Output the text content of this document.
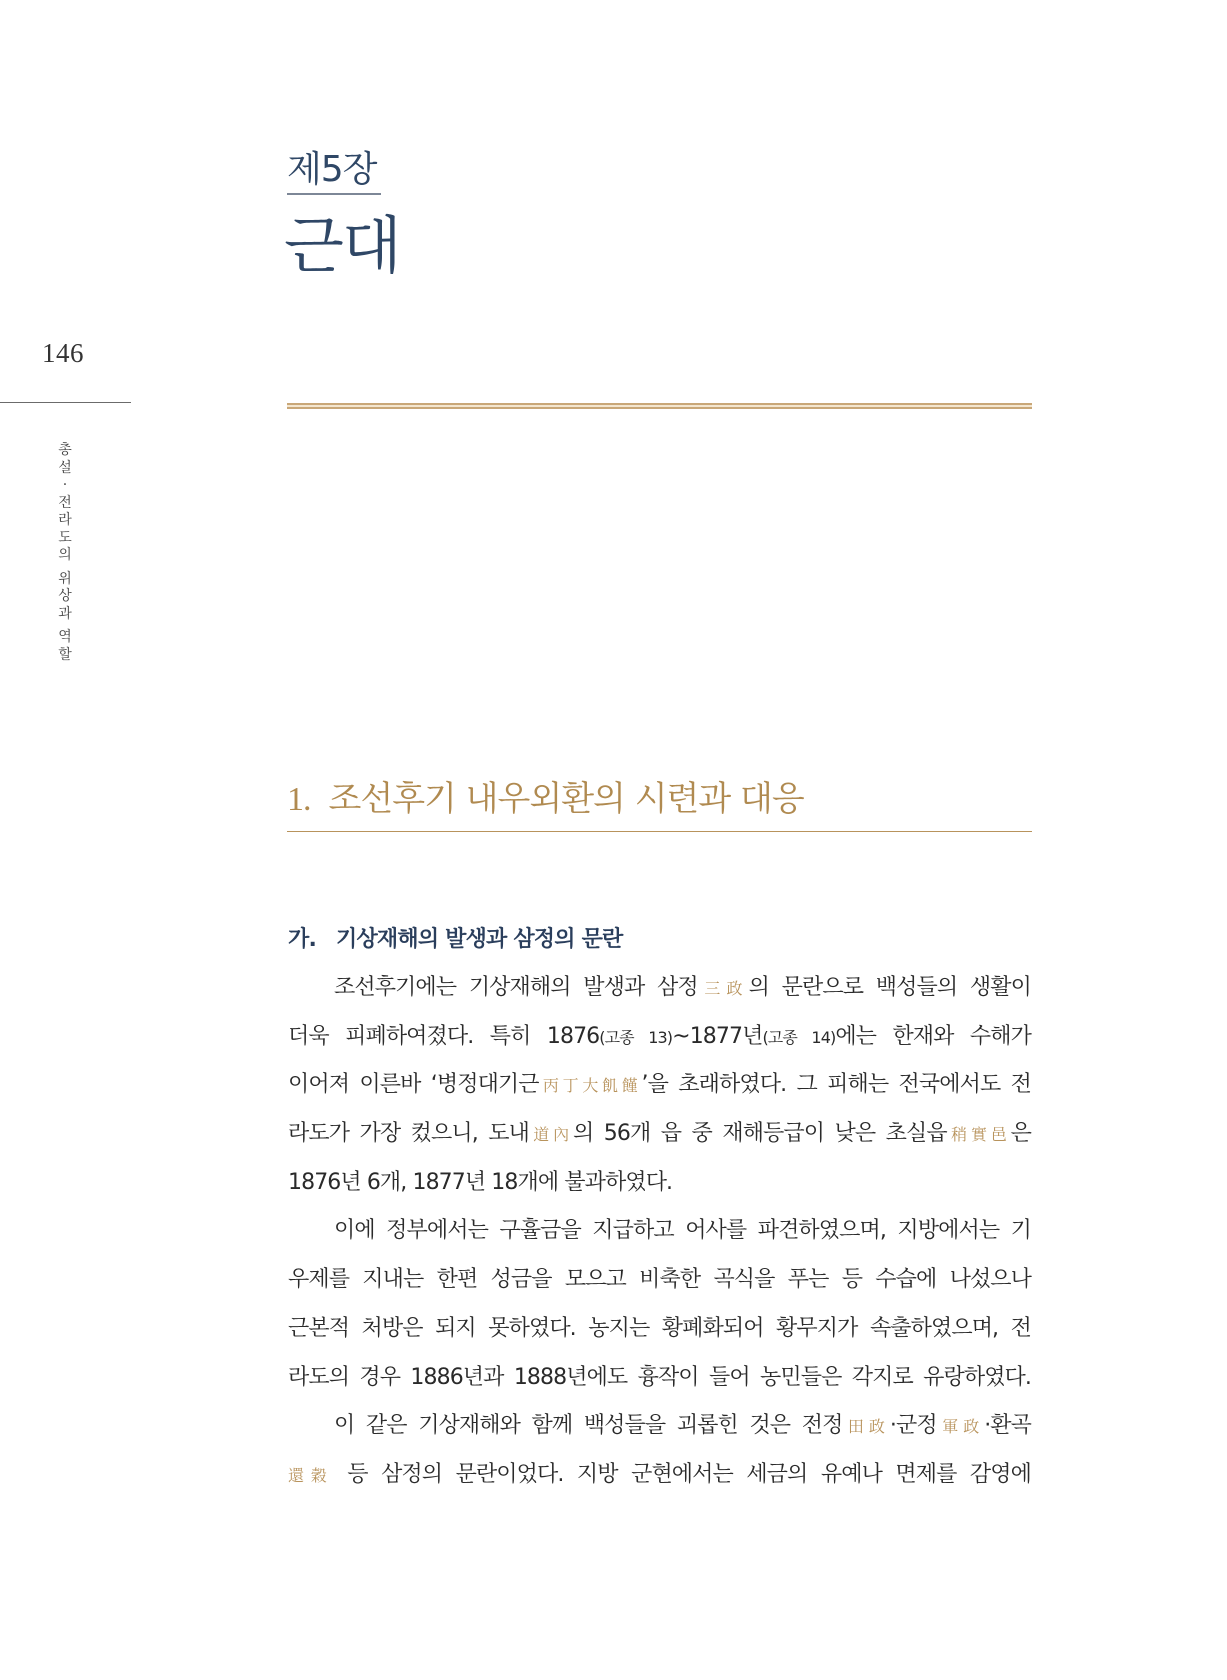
146
총
설
·
전
라
도
의
위
상
과
역
할
제5장
근대
1. 조선후기 내우외환의 시련과 대응
가. 기상재해의 발생과 삼정의 문란
조선후기에는 기상재해의 발생과 삼정三政의 문란으로 백성들의 생활이
더욱 피폐하여졌다. 특히 1876(고종 13)~1877년(고종 14)에는 한재와 수해가
이어져 이른바 ‘병정대기근丙丁大飢饉’을 초래하였다. 그 피해는 전국에서도 전
라도가 가장 컸으니, 도내道內의 56개 읍 중 재해등급이 낮은 초실읍稍實邑은
1876년 6개, 1877년 18개에 불과하였다.
이에 정부에서는 구휼금을 지급하고 어사를 파견하였으며, 지방에서는 기
우제를 지내는 한편 성금을 모으고 비축한 곡식을 푸는 등 수습에 나섰으나
근본적 처방은 되지 못하였다. 농지는 황폐화되어 황무지가 속출하였으며, 전
라도의 경우 1886년과 1888년에도 흉작이 들어 농민들은 각지로 유랑하였다.
이 같은 기상재해와 함께 백성들을 괴롭힌 것은 전정田政·군정軍政·환곡
還穀 등 삼정의 문란이었다. 지방 군현에서는 세금의 유예나 면제를 감영에
